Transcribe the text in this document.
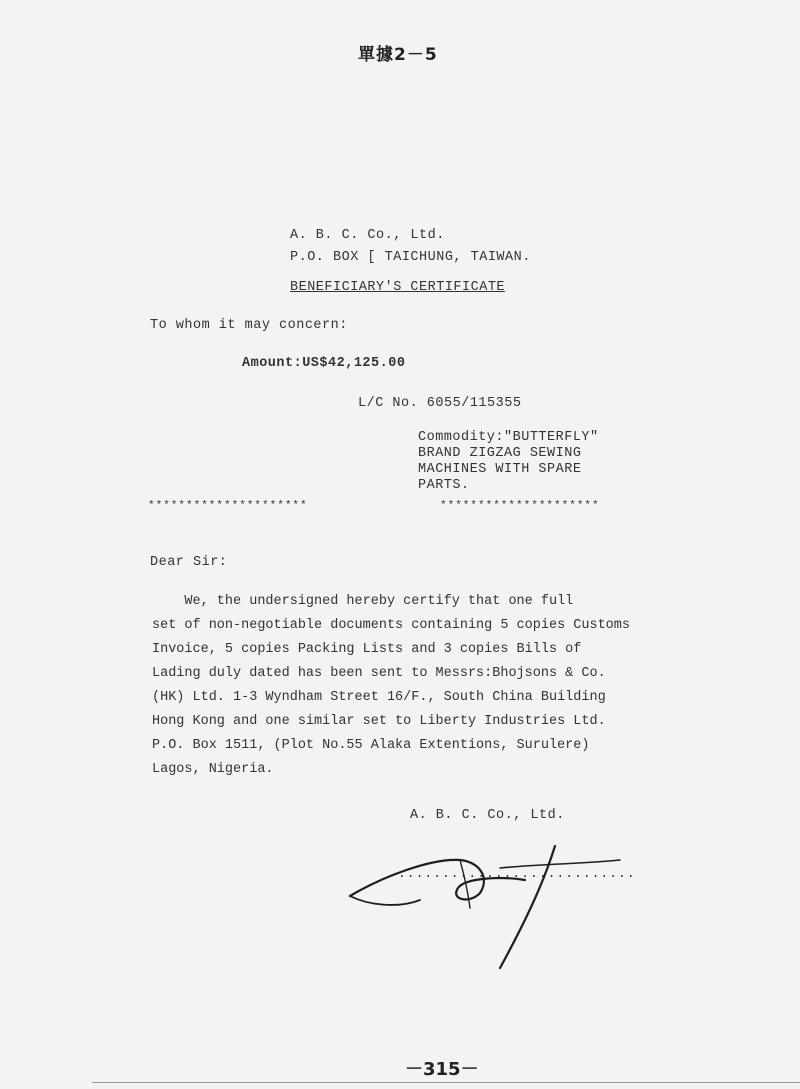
單據2－5
A. B. C. Co., Ltd.
P.O. BOX [ TAICHUNG, TAIWAN.
BENEFICIARY'S CERTIFICATE
To whom it may concern:
Amount:US$42,125.00
L/C No. 6055/115355
Commodity:"BUTTERFLY"
BRAND ZIGZAG SEWING
MACHINES WITH SPARE
PARTS.
*********************	*********************
Dear Sir:
We, the undersigned hereby certify that one full
set of non-negotiable documents containing 5 copies Customs
Invoice, 5 copies Packing Lists and 3 copies Bills of
Lading duly dated has been sent to Messrs:Bhojsons & Co.
(HK) Ltd. 1-3 Wyndham Street 16/F., South China Building
Hong Kong and one similar set to Liberty Industries Ltd.
P.O. Box 1511, (Plot No.55 Alaka Extentions, Surulere)
Lagos, Nigeria.
A. B. C. Co., Ltd.
...........................
－315－
